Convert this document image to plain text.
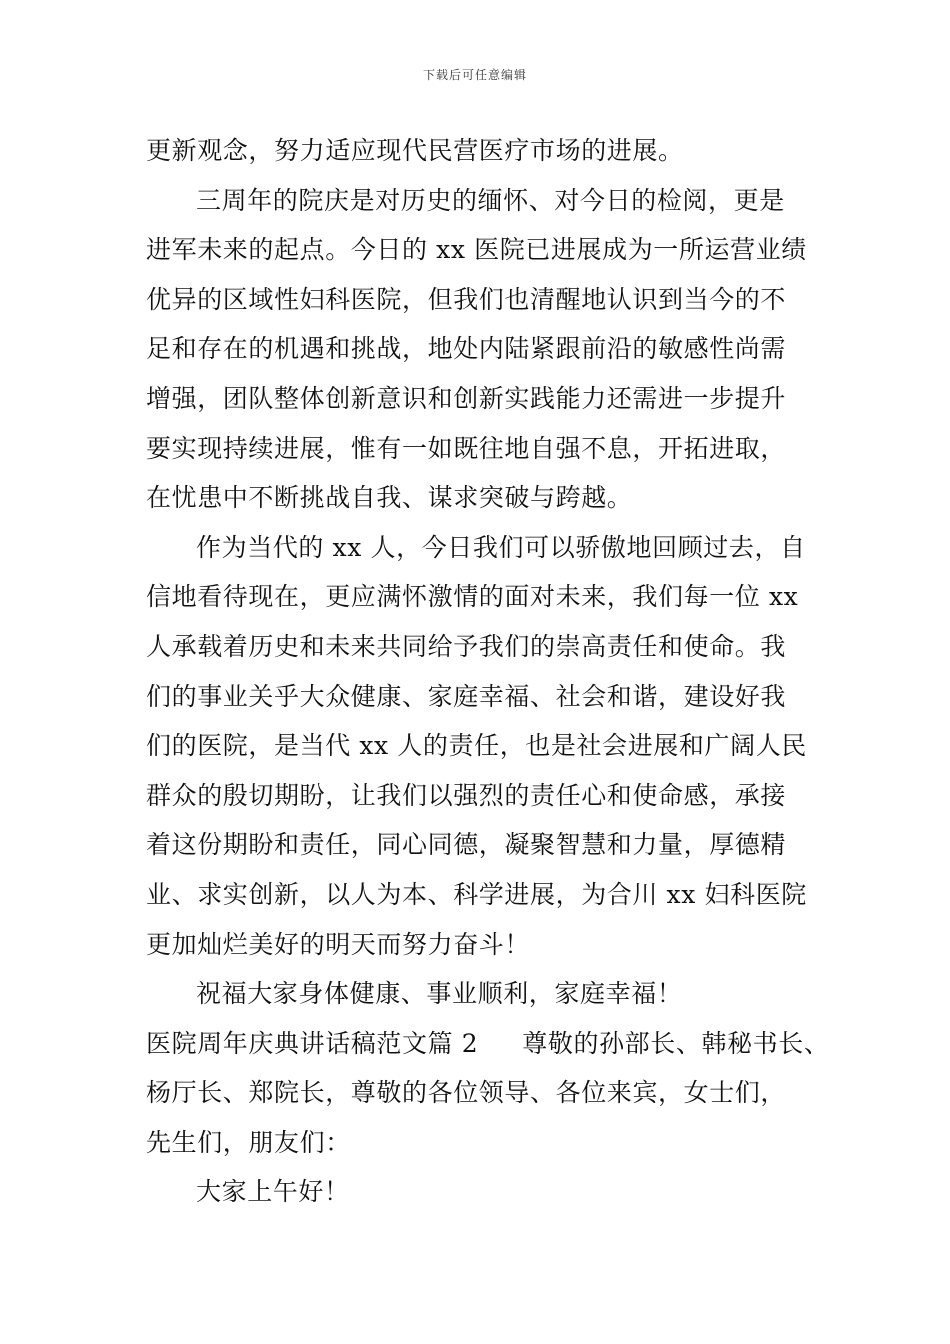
下载后可任意编辑
更新观念，努力适应现代民营医疗市场的进展。
三周年的院庆是对历史的缅怀、对今日的检阅，更是
进军未来的起点。今日的 xx 医院已进展成为一所运营业绩
优异的区域性妇科医院，但我们也清醒地认识到当今的不
足和存在的机遇和挑战，地处内陆紧跟前沿的敏感性尚需
增强，团队整体创新意识和创新实践能力还需进一步提升
要实现持续进展，惟有一如既往地自强不息，开拓进取，
在忧患中不断挑战自我、谋求突破与跨越。
作为当代的 xx 人，今日我们可以骄傲地回顾过去，自
信地看待现在，更应满怀激情的面对未来，我们每一位 xx
人承载着历史和未来共同给予我们的崇高责任和使命。我
们的事业关乎大众健康、家庭幸福、社会和谐，建设好我
们的医院，是当代 xx 人的责任，也是社会进展和广阔人民
群众的殷切期盼，让我们以强烈的责任心和使命感，承接
着这份期盼和责任，同心同德，凝聚智慧和力量，厚德精
业、求实创新，以人为本、科学进展，为合川 xx 妇科医院
更加灿烂美好的明天而努力奋斗！
祝福大家身体健康、事业顺利，家庭幸福！
医院周年庆典讲话稿范文篇 2 尊敬的孙部长、韩秘书长、
杨厅长、郑院长，尊敬的各位领导、各位来宾，女士们，
先生们，朋友们：
大家上午好！
